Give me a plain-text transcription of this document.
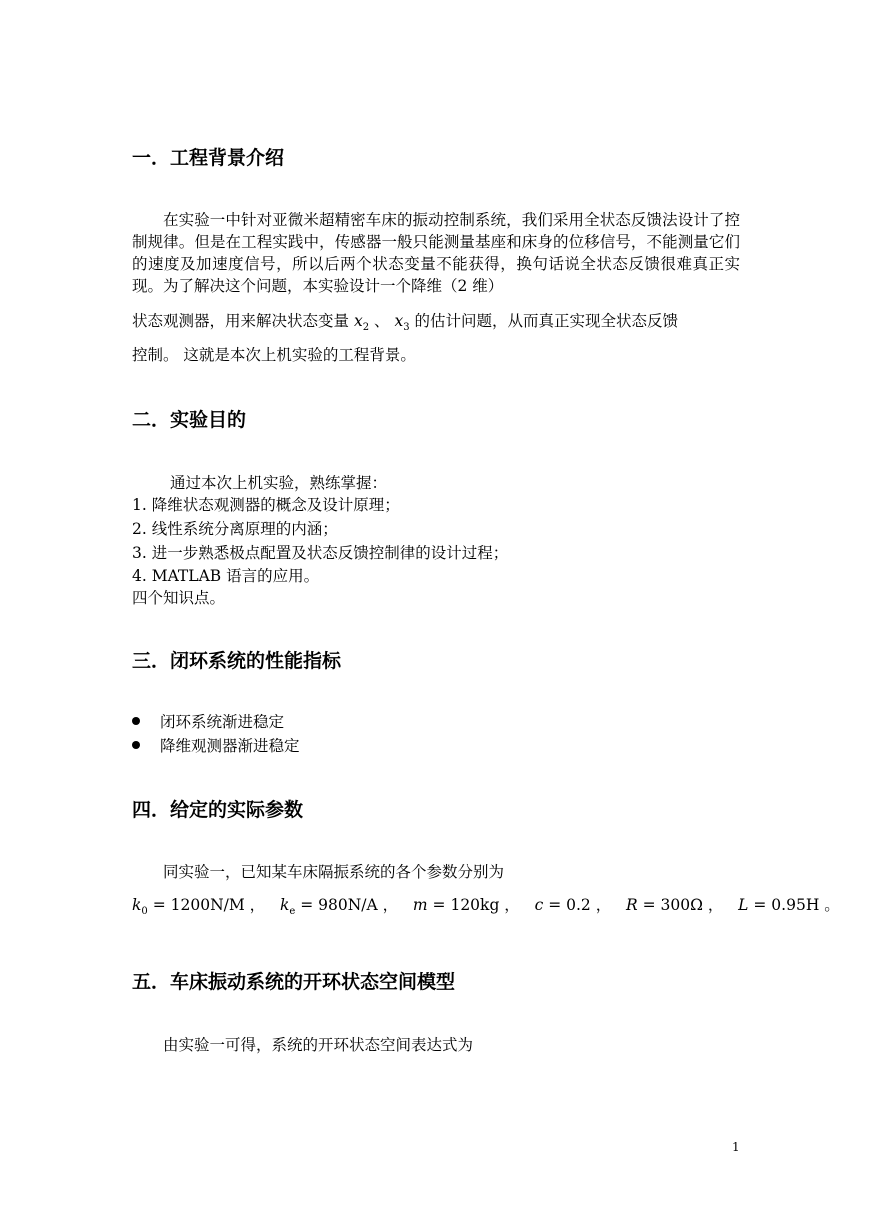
一．工程背景介绍

在实验一中针对亚微米超精密车床的振动控制系统，我们采用全状态反馈法设计了控制规律。但是在工程实践中，传感器一般只能测量基座和床身的位移信号，不能测量它们的速度及加速度信号，所以后两个状态变量不能获得，换句话说全状态反馈很难真正实现。为了解决这个问题，本实验设计一个降维（2 维）

状态观测器，用来解决状态变量 $x_2$ 、 $x_3$ 的估计问题，从而真正实现全状态反馈
控制。 这就是本次上机实验的工程背景。
二．实验目的
通过本次上机实验，熟练掌握：
1. 降维状态观测器的概念及设计原理；
2. 线性系统分离原理的内涵；
3. 进一步熟悉极点配置及状态反馈控制律的设计过程；
4. MATLAB 语言的应用。
四个知识点。
三．闭环系统的性能指标
闭环系统渐进稳定
降维观测器渐进稳定
四．给定的实际参数
同实验一，已知某车床隔振系统的各个参数分别为
$k_0 = 1200N/M$ ， $k_e = 980N/A$ ， m = 120kg ， c = 0.2 ， R = 300Ω ， L = 0.95H 。
五．车床振动系统的开环状态空间模型
由实验一可得，系统的开环状态空间表达式为
1
